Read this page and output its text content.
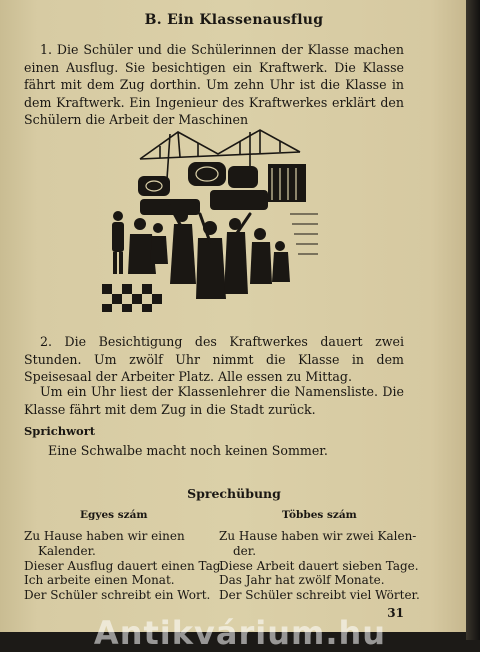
B. Ein Klassenausflug

1. Die Schüler und die Schülerinnen der Klasse machen einen Ausflug. Sie besichtigen ein Kraftwerk. Die Klasse fährt mit dem Zug dorthin. Um zehn Uhr ist die Klasse in dem Kraftwerk. Ein Ingenieur des Kraftwerkes erklärt den Schülern die Arbeit der Maschinen

2. Die Besichtigung des Kraftwerkes dauert zwei Stunden. Um zwölf Uhr nimmt die Klasse in dem Speisesaal der Arbeiter Platz. Alle essen zu Mittag.

Um ein Uhr liest der Klassenlehrer die Namensliste. Die Klasse fährt mit dem Zug in die Stadt zurück.

Sprichwort
Eine Schwalbe macht noch keinen Sommer.
Sprechübung
Egyes szám	Többes szám
Zu Hause haben wir einen
Kalender.
Dieser Ausflug dauert einen Tag.
Ich arbeite einen Monat.
Der Schüler schreibt ein Wort.
Zu Hause haben wir zwei Kalen-
der.
Diese Arbeit dauert sieben Tage.
Das Jahr hat zwölf Monate.
Der Schüler schreibt viel Wörter.
31
Antikvárium.hu
